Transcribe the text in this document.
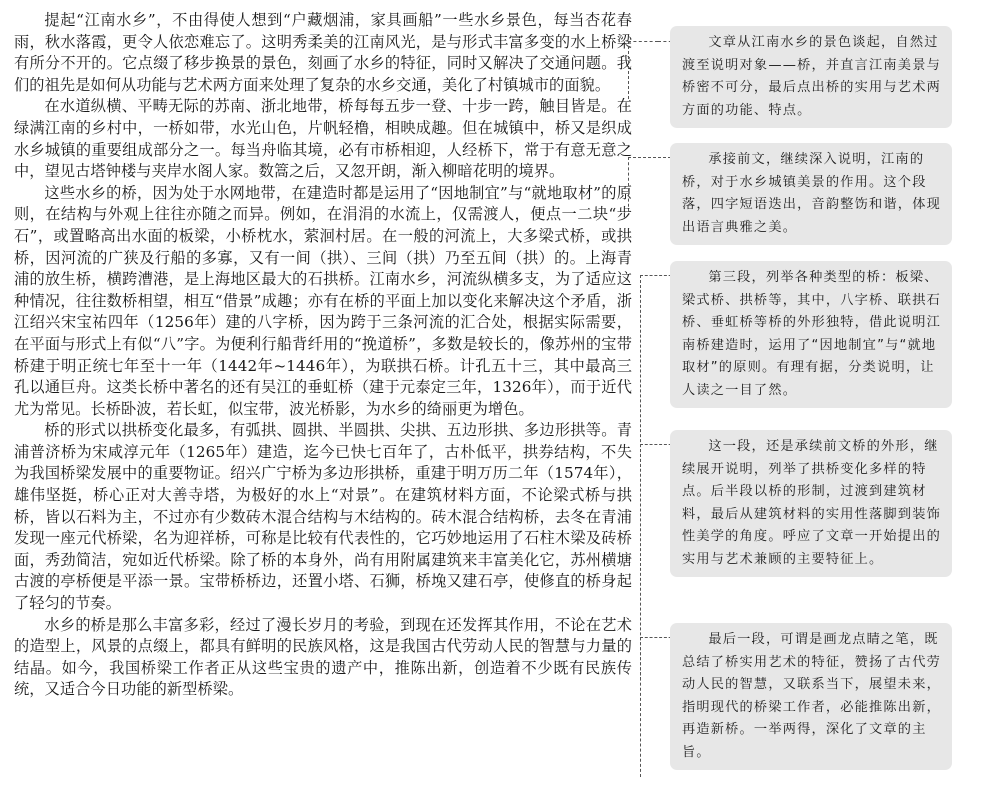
提起“江南水乡”，不由得使人想到“户藏烟浦，家具画船”一些水乡景色，每当杏花春雨，秋水落霞，更令人依恋难忘了。这明秀柔美的江南风光，是与形式丰富多变的水上桥梁有所分不开的。它点缀了移步换景的景色，刻画了水乡的特征，同时又解决了交通问题。我们的祖先是如何从功能与艺术两方面来处理了复杂的水乡交通，美化了村镇城市的面貌。

在水道纵横、平畴无际的苏南、浙北地带，桥每每五步一登、十步一跨，触目皆是。在绿满江南的乡村中，一桥如带，水光山色，片帆轻橹，相映成趣。但在城镇中，桥又是织成水乡城镇的重要组成部分之一。每当舟临其境，必有市桥相迎，人经桥下，常于有意无意之中，望见古塔钟楼与夹岸水阁人家。数篙之后，又忽开朗，渐入柳暗花明的境界。

这些水乡的桥，因为处于水网地带，在建造时都是运用了“因地制宜”与“就地取材”的原则，在结构与外观上往往亦随之而异。例如，在涓涓的水流上，仅需渡人，便点一二块“步石”，或置略高出水面的板梁，小桥枕水，萦洄村居。在一般的河流上，大多梁式桥，或拱桥，因河流的广狭及行船的多寡，又有一间（拱）、三间（拱）乃至五间（拱）的。上海青浦的放生桥，横跨漕港，是上海地区最大的石拱桥。江南水乡，河流纵横多支，为了适应这种情况，往往数桥相望，相互“借景”成趣；亦有在桥的平面上加以变化来解决这个矛盾，浙江绍兴宋宝祐四年（1256年）建的八字桥，因为跨于三条河流的汇合处，根据实际需要，在平面与形式上有似“八”字。为便利行船背纤用的“挽道桥”，多数是较长的，像苏州的宝带桥建于明正统七年至十一年（1442年~1446年），为联拱石桥。计孔五十三，其中最高三孔以通巨舟。这类长桥中著名的还有吴江的垂虹桥（建于元泰定三年，1326年），而于近代尤为常见。长桥卧波，若长虹，似宝带，波光桥影，为水乡的绮丽更为增色。

桥的形式以拱桥变化最多，有弧拱、圆拱、半圆拱、尖拱、五边形拱、多边形拱等。青浦普济桥为宋咸淳元年（1265年）建造，迄今已快七百年了，古朴低平，拱券结构，不失为我国桥梁发展中的重要物证。绍兴广宁桥为多边形拱桥，重建于明万历二年（1574年），雄伟坚挺，桥心正对大善寺塔，为极好的水上“对景”。在建筑材料方面，不论梁式桥与拱桥，皆以石料为主，不过亦有少数砖木混合结构与木结构的。砖木混合结构桥，去冬在青浦发现一座元代桥梁，名为迎祥桥，可称是比较有代表性的，它巧妙地运用了石柱木梁及砖桥面，秀劲简洁，宛如近代桥梁。除了桥的本身外，尚有用附属建筑来丰富美化它，苏州横塘古渡的亭桥便是平添一景。宝带桥桥边，还置小塔、石狮，桥堍又建石亭，使修直的桥身起了轻匀的节奏。

水乡的桥是那么丰富多彩，经过了漫长岁月的考验，到现在还发挥其作用，不论在艺术的造型上，风景的点缀上，都具有鲜明的民族风格，这是我国古代劳动人民的智慧与力量的结晶。如今，我国桥梁工作者正从这些宝贵的遗产中，推陈出新，创造着不少既有民族传统，又适合今日功能的新型桥梁。

文章从江南水乡的景色谈起，自然过渡至说明对象——桥，并直言江南美景与桥密不可分，最后点出桥的实用与艺术两方面的功能、特点。
承接前文，继续深入说明，江南的桥，对于水乡城镇美景的作用。这个段落，四字短语迭出，音韵整饬和谐，体现出语言典雅之美。
第三段，列举各种类型的桥：板梁、梁式桥、拱桥等，其中，八字桥、联拱石桥、垂虹桥等桥的外形独特，借此说明江南桥建造时，运用了“因地制宜”与“就地取材”的原则。有理有据，分类说明，让人读之一目了然。
这一段，还是承续前文桥的外形，继续展开说明，列举了拱桥变化多样的特点。后半段以桥的形制，过渡到建筑材料，最后从建筑材料的实用性落脚到装饰性美学的角度。呼应了文章一开始提出的实用与艺术兼顾的主要特征上。
最后一段，可谓是画龙点睛之笔，既总结了桥实用艺术的特征，赞扬了古代劳动人民的智慧，又联系当下，展望未来，指明现代的桥梁工作者，必能推陈出新，再造新桥。一举两得，深化了文章的主旨。
